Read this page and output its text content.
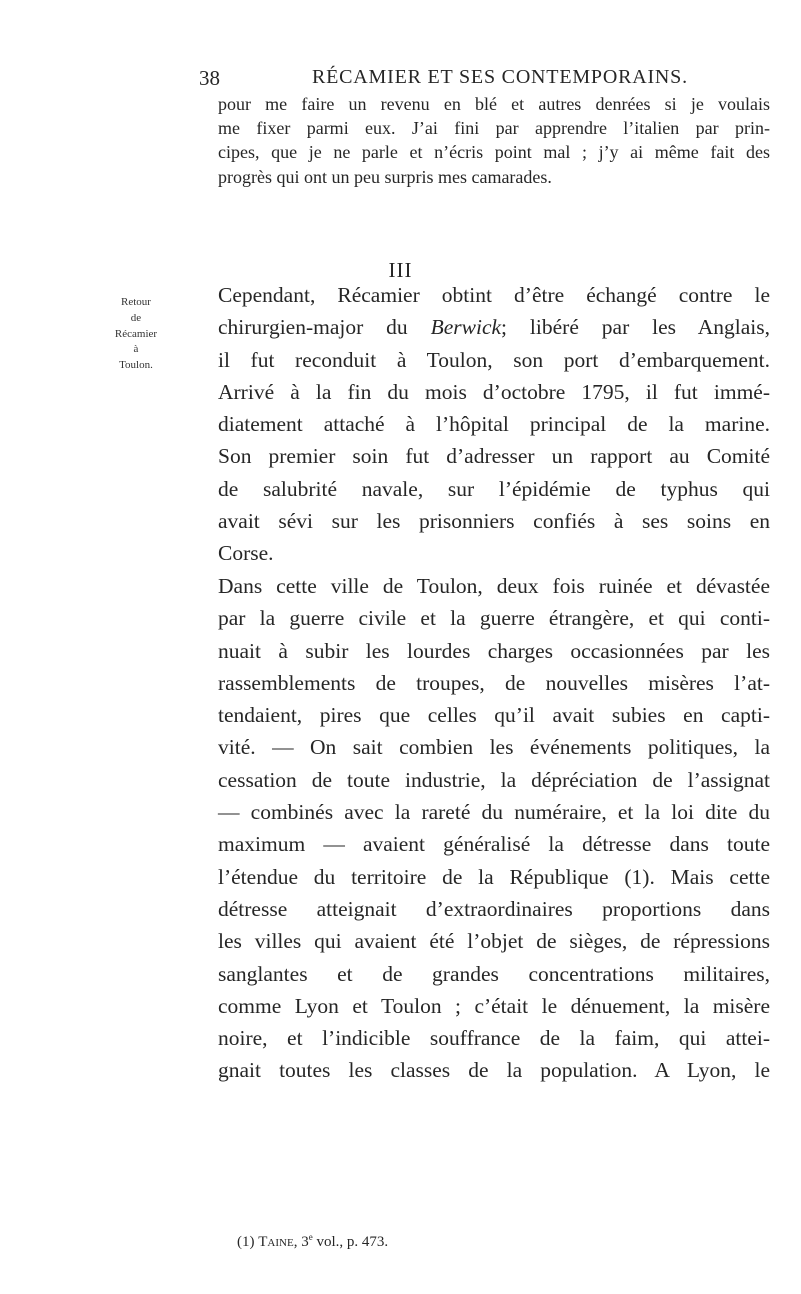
38	RÉCAMIER ET SES CONTEMPORAINS.

pour me faire un revenu en blé et autres denrées si je voulais
me fixer parmi eux. J’ai fini par apprendre l’italien par prin-
cipes, que je ne parle et n’écris point mal ; j’y ai même fait des
progrès qui ont un peu surpris mes camarades.

III
Retour
de
Récamier
à
Toulon.

Cependant, Récamier obtint d’être échangé contre le
chirurgien-major du Berwick; libéré par les Anglais,
il fut reconduit à Toulon, son port d’embarquement.
Arrivé à la fin du mois d’octobre 1795, il fut immé-
diatement attaché à l’hôpital principal de la marine.
Son premier soin fut d’adresser un rapport au Comité
de salubrité navale, sur l’épidémie de typhus qui
avait sévi sur les prisonniers confiés à ses soins en
Corse.

Dans cette ville de Toulon, deux fois ruinée et dévastée
par la guerre civile et la guerre étrangère, et qui conti-
nuait à subir les lourdes charges occasionnées par les
rassemblements de troupes, de nouvelles misères l’at-
tendaient, pires que celles qu’il avait subies en capti-
vité. — On sait combien les événements politiques, la
cessation de toute industrie, la dépréciation de l’assignat
— combinés avec la rareté du numéraire, et la loi dite du
maximum — avaient généralisé la détresse dans toute
l’étendue du territoire de la République (1). Mais cette
détresse atteignait d’extraordinaires proportions dans
les villes qui avaient été l’objet de sièges, de répressions
sanglantes et de grandes concentrations militaires,
comme Lyon et Toulon ; c’était le dénuement, la misère
noire, et l’indicible souffrance de la faim, qui attei-
gnait toutes les classes de la population. A Lyon, le

(1) Taine, 3e vol., p. 473.
